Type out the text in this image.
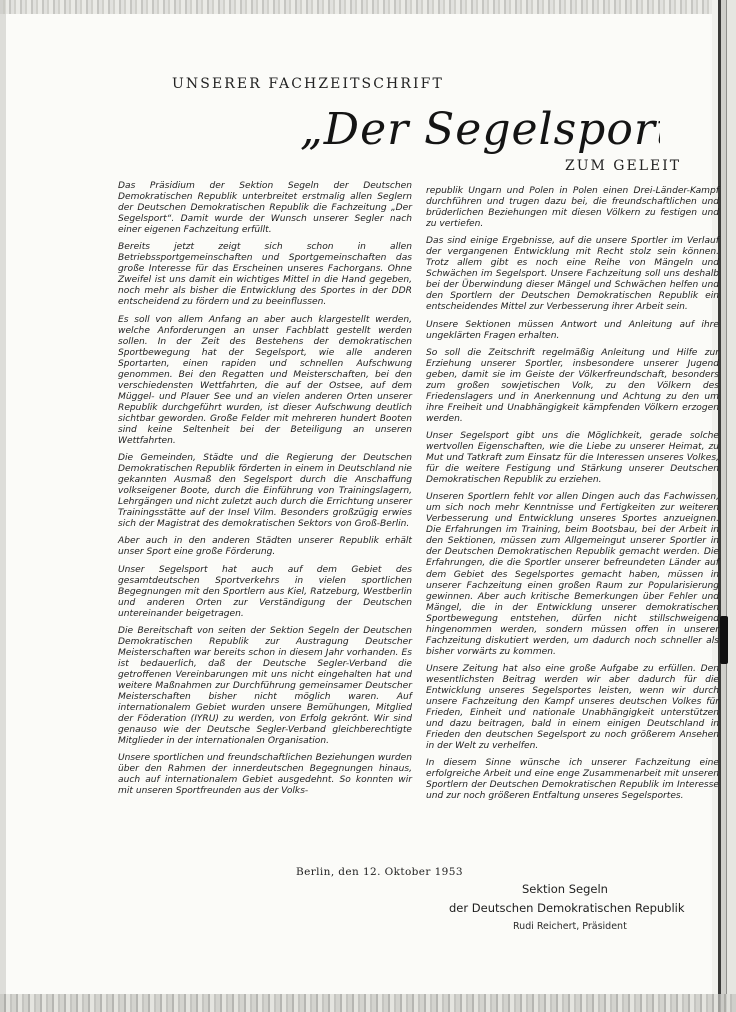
UNSERER FACHZEITSCHRIFT
„Der Segelsport“
ZUM GELEIT

Das Präsidium der Sektion Segeln der Deutschen Demokratischen Republik unterbreitet erstmalig allen Seglern der Deutschen Demokratischen Republik die Fachzeitung „Der Segelsport“. Damit wurde der Wunsch unserer Segler nach einer eigenen Fachzeitung erfüllt.

Bereits jetzt zeigt sich schon in allen Betriebssportgemeinschaften und Sportgemeinschaften das große Interesse für das Erscheinen unseres Fachorgans. Ohne Zweifel ist uns damit ein wichtiges Mittel in die Hand gegeben, noch mehr als bisher die Entwicklung des Sportes in der DDR entscheidend zu fördern und zu beeinflussen.

Es soll von allem Anfang an aber auch klargestellt werden, welche Anforderungen an unser Fachblatt gestellt werden sollen. In der Zeit des Bestehens der demokratischen Sportbewegung hat der Segelsport, wie alle anderen Sportarten, einen rapiden und schnellen Aufschwung genommen. Bei den Regatten und Meisterschaften, bei den verschiedensten Wettfahrten, die auf der Ostsee, auf dem Müggel- und Plauer See und an vielen anderen Orten unserer Republik durchgeführt wurden, ist dieser Aufschwung deutlich sichtbar geworden. Große Felder mit mehreren hundert Booten sind keine Seltenheit bei der Beteiligung an unseren Wettfahrten.

Die Gemeinden, Städte und die Regierung der Deutschen Demokratischen Republik förderten in einem in Deutschland nie gekannten Ausmaß den Segelsport durch die Anschaffung volkseigener Boote, durch die Einführung von Trainingslagern, Lehrgängen und nicht zuletzt auch durch die Errichtung unserer Trainingsstätte auf der Insel Vilm. Besonders großzügig erwies sich der Magistrat des demokratischen Sektors von Groß-Berlin.

Aber auch in den anderen Städten unserer Republik erhält unser Sport eine große Förderung.

Unser Segelsport hat auch auf dem Gebiet des gesamtdeutschen Sportverkehrs in vielen sportlichen Begegnungen mit den Sportlern aus Kiel, Ratzeburg, Westberlin und anderen Orten zur Verständigung der Deutschen untereinander beigetragen.

Die Bereitschaft von seiten der Sektion Segeln der Deutschen Demokratischen Republik zur Austragung Deutscher Meisterschaften war bereits schon in diesem Jahr vorhanden. Es ist bedauerlich, daß der Deutsche Segler-Verband die getroffenen Vereinbarungen mit uns nicht eingehalten hat und weitere Maßnahmen zur Durchführung gemeinsamer Deutscher Meisterschaften bisher nicht möglich waren. Auf internationalem Gebiet wurden unsere Bemühungen, Mitglied der Föderation (IYRU) zu werden, von Erfolg gekrönt. Wir sind genauso wie der Deutsche Segler-Verband gleichberechtigte Mitglieder in der internationalen Organisation.

Unsere sportlichen und freundschaftlichen Beziehungen wurden über den Rahmen der innerdeutschen Begegnungen hinaus, auch auf internationalem Gebiet ausgedehnt. So konnten wir mit unseren Sportfreunden aus der Volks-

republik Ungarn und Polen in Polen einen Drei-Länder-Kampf durchführen und trugen dazu bei, die freundschaftlichen und brüderlichen Beziehungen mit diesen Völkern zu festigen und zu vertiefen.

Das sind einige Ergebnisse, auf die unsere Sportler im Verlauf der vergangenen Entwicklung mit Recht stolz sein können. Trotz allem gibt es noch eine Reihe von Mängeln und Schwächen im Segelsport. Unsere Fachzeitung soll uns deshalb bei der Überwindung dieser Mängel und Schwächen helfen und den Sportlern der Deutschen Demokratischen Republik ein entscheidendes Mittel zur Verbesserung ihrer Arbeit sein.

Unsere Sektionen müssen Antwort und Anleitung auf ihre ungeklärten Fragen erhalten.

So soll die Zeitschrift regelmäßig Anleitung und Hilfe zur Erziehung unserer Sportler, insbesondere unserer Jugend geben, damit sie im Geiste der Völkerfreundschaft, besonders zum großen sowjetischen Volk, zu den Völkern des Friedenslagers und in Anerkennung und Achtung zu den um ihre Freiheit und Unabhängigkeit kämpfenden Völkern erzogen werden.

Unser Segelsport gibt uns die Möglichkeit, gerade solche wertvollen Eigenschaften, wie die Liebe zu unserer Heimat, zu Mut und Tatkraft zum Einsatz für die Interessen unseres Volkes, für die weitere Festigung und Stärkung unserer Deutschen Demokratischen Republik zu erziehen.

Unseren Sportlern fehlt vor allen Dingen auch das Fachwissen, um sich noch mehr Kenntnisse und Fertigkeiten zur weiteren Verbesserung und Entwicklung unseres Sportes anzueignen. Die Erfahrungen im Training, beim Bootsbau, bei der Arbeit in den Sektionen, müssen zum Allgemeingut unserer Sportler in der Deutschen Demokratischen Republik gemacht werden. Die Erfahrungen, die die Sportler unserer befreundeten Länder auf dem Gebiet des Segelsportes gemacht haben, müssen in unserer Fachzeitung einen großen Raum zur Popularisierung gewinnen. Aber auch kritische Bemerkungen über Fehler und Mängel, die in der Entwicklung unserer demokratischen Sportbewegung entstehen, dürfen nicht stillschweigend hingenommen werden, sondern müssen offen in unserer Fachzeitung diskutiert werden, um dadurch noch schneller als bisher vorwärts zu kommen.

Unsere Zeitung hat also eine große Aufgabe zu erfüllen. Den wesentlichsten Beitrag werden wir aber dadurch für die Entwicklung unseres Segelsportes leisten, wenn wir durch unsere Fachzeitung den Kampf unseres deutschen Volkes für Frieden, Einheit und nationale Unabhängigkeit unterstützen und dazu beitragen, bald in einem einigen Deutschland in Frieden den deutschen Segelsport zu noch größerem Ansehen in der Welt zu verhelfen.

In diesem Sinne wünsche ich unserer Fachzeitung eine erfolgreiche Arbeit und eine enge Zusammenarbeit mit unseren Sportlern der Deutschen Demokratischen Republik im Interesse und zur noch größeren Entfaltung unseres Segelsportes.

Berlin, den 12. Oktober 1953
Sektion Segeln
der Deutschen Demokratischen Republik
Rudi Reichert, Präsident
